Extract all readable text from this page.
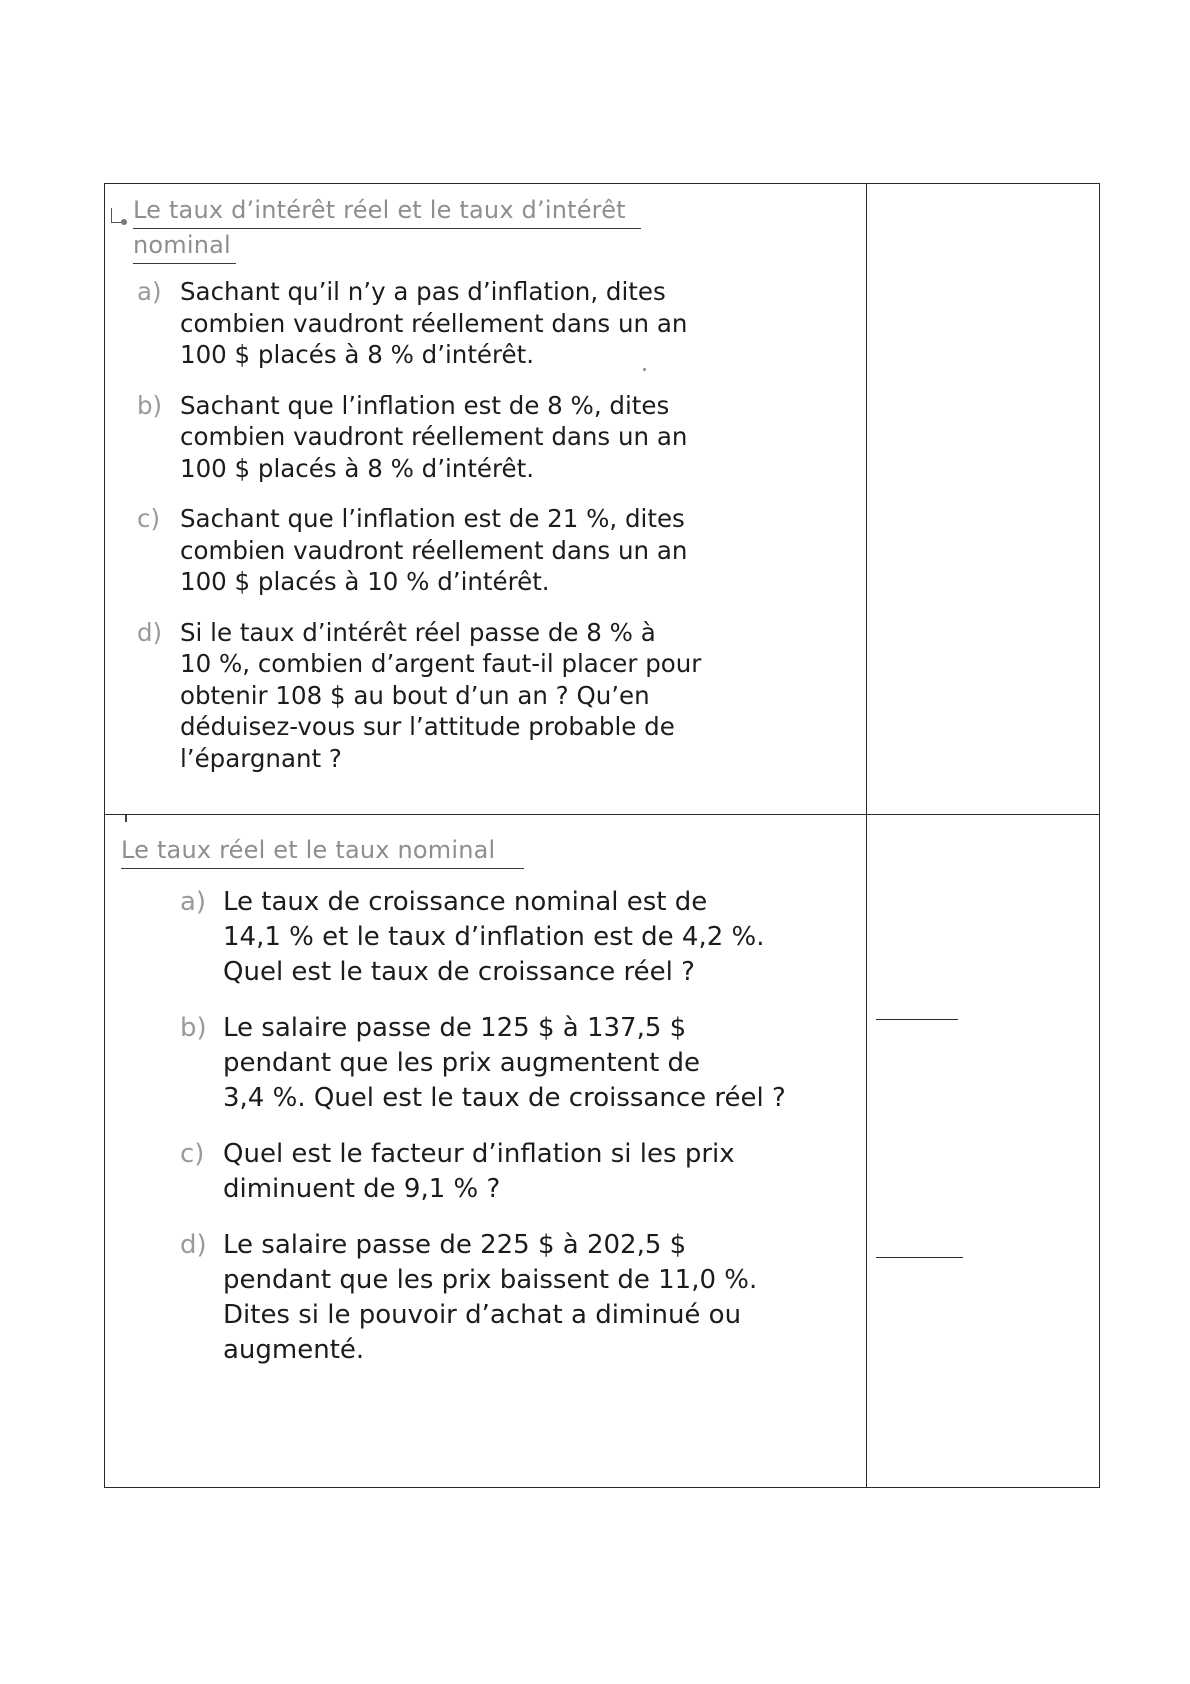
Le taux d’intérêt réel et le taux d’intérêt
nominal
a) Sachant qu’il n’y a pas d’inflation, dites
combien vaudront réellement dans un an
100 $ placés à 8 % d’intérêt.
b) Sachant que l’inflation est de 8 %, dites
combien vaudront réellement dans un an
100 $ placés à 8 % d’intérêt.
c) Sachant que l’inflation est de 21 %, dites
combien vaudront réellement dans un an
100 $ placés à 10 % d’intérêt.
d) Si le taux d’intérêt réel passe de 8 % à
10 %, combien d’argent faut-il placer pour
obtenir 108 $ au bout d’un an ? Qu’en
déduisez-vous sur l’attitude probable de
l’épargnant ?
Le taux réel et le taux nominal
a) Le taux de croissance nominal est de
14,1 % et le taux d’inflation est de 4,2 %.
Quel est le taux de croissance réel ?
b) Le salaire passe de 125 $ à 137,5 $
pendant que les prix augmentent de
3,4 %. Quel est le taux de croissance réel ?
c) Quel est le facteur d’inflation si les prix
diminuent de 9,1 % ?
d) Le salaire passe de 225 $ à 202,5 $
pendant que les prix baissent de 11,0 %.
Dites si le pouvoir d’achat a diminué ou
augmenté.
